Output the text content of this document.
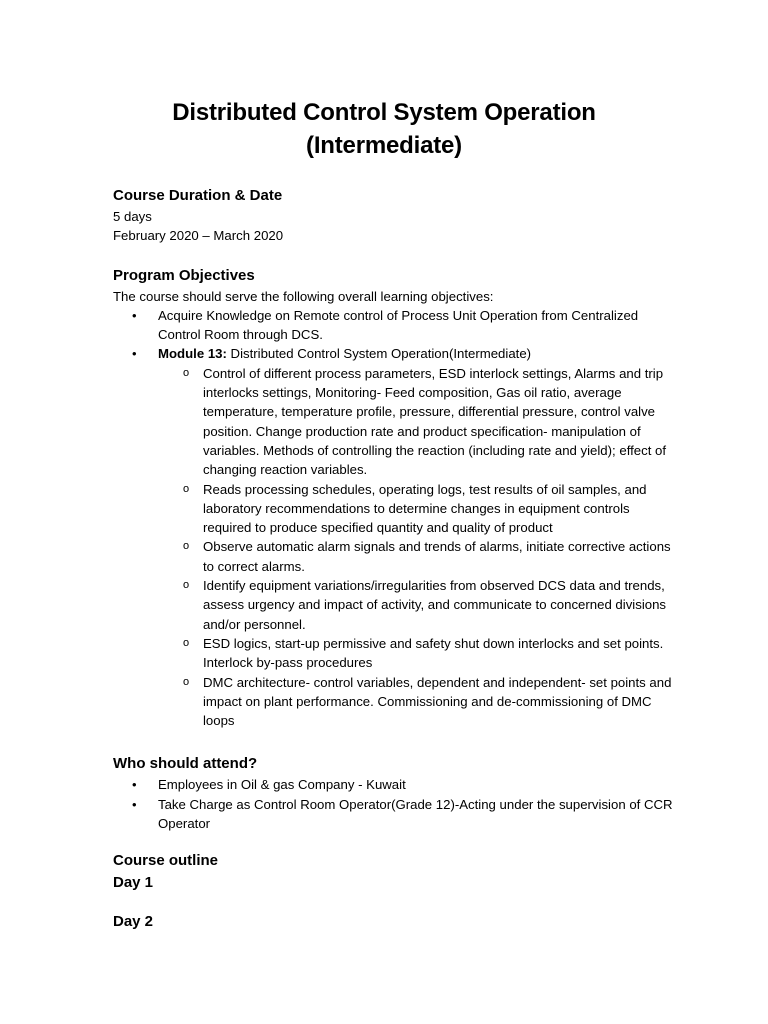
Distributed Control System Operation
(Intermediate)
Course Duration & Date

5 days

February 2020 – March 2020

Program Objectives

The course should serve the following overall learning objectives:

• Acquire Knowledge on Remote control of Process Unit Operation from Centralized Control Room through DCS.
• Module 13: Distributed Control System Operation(Intermediate)
o Control of different process parameters, ESD interlock settings, Alarms and trip interlocks settings, Monitoring- Feed composition, Gas oil ratio, average temperature, temperature profile, pressure, differential pressure, control valve position. Change production rate and product specification- manipulation of variables. Methods of controlling the reaction (including rate and yield); effect of changing reaction variables.
o Reads processing schedules, operating logs, test results of oil samples, and laboratory recommendations to determine changes in equipment controls required to produce specified quantity and quality of product
o Observe automatic alarm signals and trends of alarms, initiate corrective actions to correct alarms.
o Identify equipment variations/irregularities from observed DCS data and trends, assess urgency and impact of activity, and communicate to concerned divisions and/or personnel.
o ESD logics, start-up permissive and safety shut down interlocks and set points. Interlock by-pass procedures
o DMC architecture- control variables, dependent and independent- set points and impact on plant performance. Commissioning and de-commissioning of DMC loops
Who should attend?
• Employees in Oil & gas Company - Kuwait
• Take Charge as Control Room Operator(Grade 12)-Acting under the supervision of CCR Operator
Course outline
Day 1
Day 2
